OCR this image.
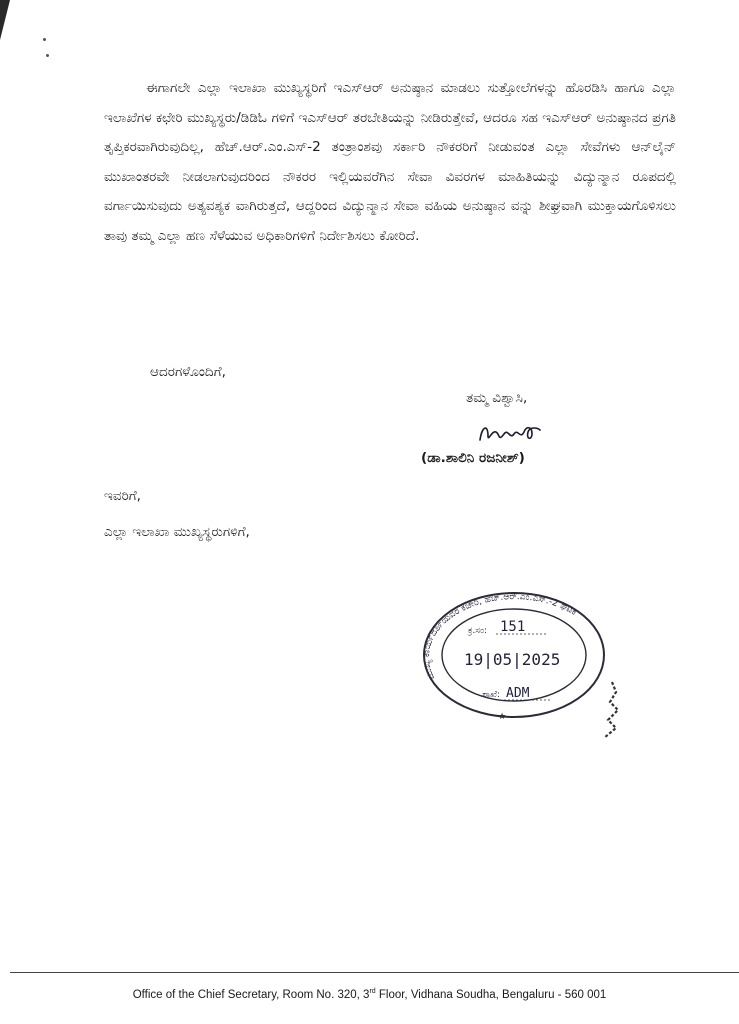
ಈಗಾಗಲೇ ಎಲ್ಲಾ ಇಲಾಖಾ ಮುಖ್ಯಸ್ಥರಿಗೆ ಇಎಸ್‌ಆರ್ ಅನುಷ್ಠಾನ ಮಾಡಲು ಸುತ್ತೋಲೆಗಳನ್ನು ಹೊರಡಿಸಿ ಹಾಗೂ ಎಲ್ಲಾ ಇಲಾಖೆಗಳ ಕಛೇರಿ ಮುಖ್ಯಸ್ಥರು/ಡಿಡಿಓ ಗಳಿಗೆ ಇಎಸ್‌ಆರ್ ತರಬೇತಿಯನ್ನು ನೀಡಿರುತ್ತೇವೆ, ಆದರೂ ಸಹ ಇಎಸ್‌ಆರ್ ಅನುಷ್ಠಾನದ ಪ್ರಗತಿ ತೃಪ್ತಿಕರವಾಗಿರುವುದಿಲ್ಲ, ಹೆಚ್.ಆರ್.ಎಂ.ಎಸ್-2 ತಂತ್ರಾಂಶವು ಸರ್ಕಾರಿ ನೌಕರರಿಗೆ ನೀಡುವಂತ ಎಲ್ಲಾ ಸೇವೆಗಳು ಆನ್‌ಲೈನ್ ಮುಖಾಂತರವೇ ನೀಡಲಾಗುವುದರಿಂದ ನೌಕರರ ಇಲ್ಲಿಯವರೆಗಿನ ಸೇವಾ ವಿವರಗಳ ಮಾಹಿತಿಯನ್ನು ವಿದ್ಯುನ್ಮಾನ ರೂಪದಲ್ಲಿ ವರ್ಗಾಯಿಸುವುದು ಅತ್ಯವಶ್ಯಕ ವಾಗಿರುತ್ತದೆ, ಆದ್ದರಿಂದ ವಿದ್ಯುನ್ಮಾನ ಸೇವಾ ವಹಿಯ ಅನುಷ್ಠಾನ ವನ್ನು ಶೀಘ್ರವಾಗಿ ಮುಕ್ತಾಯಗೊಳಿಸಲು ತಾವು ತಮ್ಮ ಎಲ್ಲಾ ಹಣ ಸೆಳೆಯುವ ಅಧಿಕಾರಿಗಳಿಗೆ ನಿರ್ದೇಶಿಸಲು ಕೋರಿದೆ.

ಆದರಗಳೊಂದಿಗೆ,
ತಮ್ಮ ವಿಶ್ವಾಸಿ,
(ಡಾ.ಶಾಲಿನಿ ರಜನೀಶ್)
ಇವರಿಗೆ,
ಎಲ್ಲಾ ಇಲಾಖಾ ಮುಖ್ಯಸ್ಥರುಗಳಿಗೆ,
ಮುಖ್ಯ ಕಾರ್ಯದರ್ಶಿಯವರ ಕಚೇರಿ, ಹೆಚ್.ಆರ್.ಎಂ.ಎಸ್.-2 ಘಟಕ
★
ಕ್ರ.ಸಂ: 151
19|05|2025
ಶಾಖೆ: ADM
Office of the Chief Secretary, Room No. 320, 3rd Floor, Vidhana Soudha, Bengaluru - 560 001
